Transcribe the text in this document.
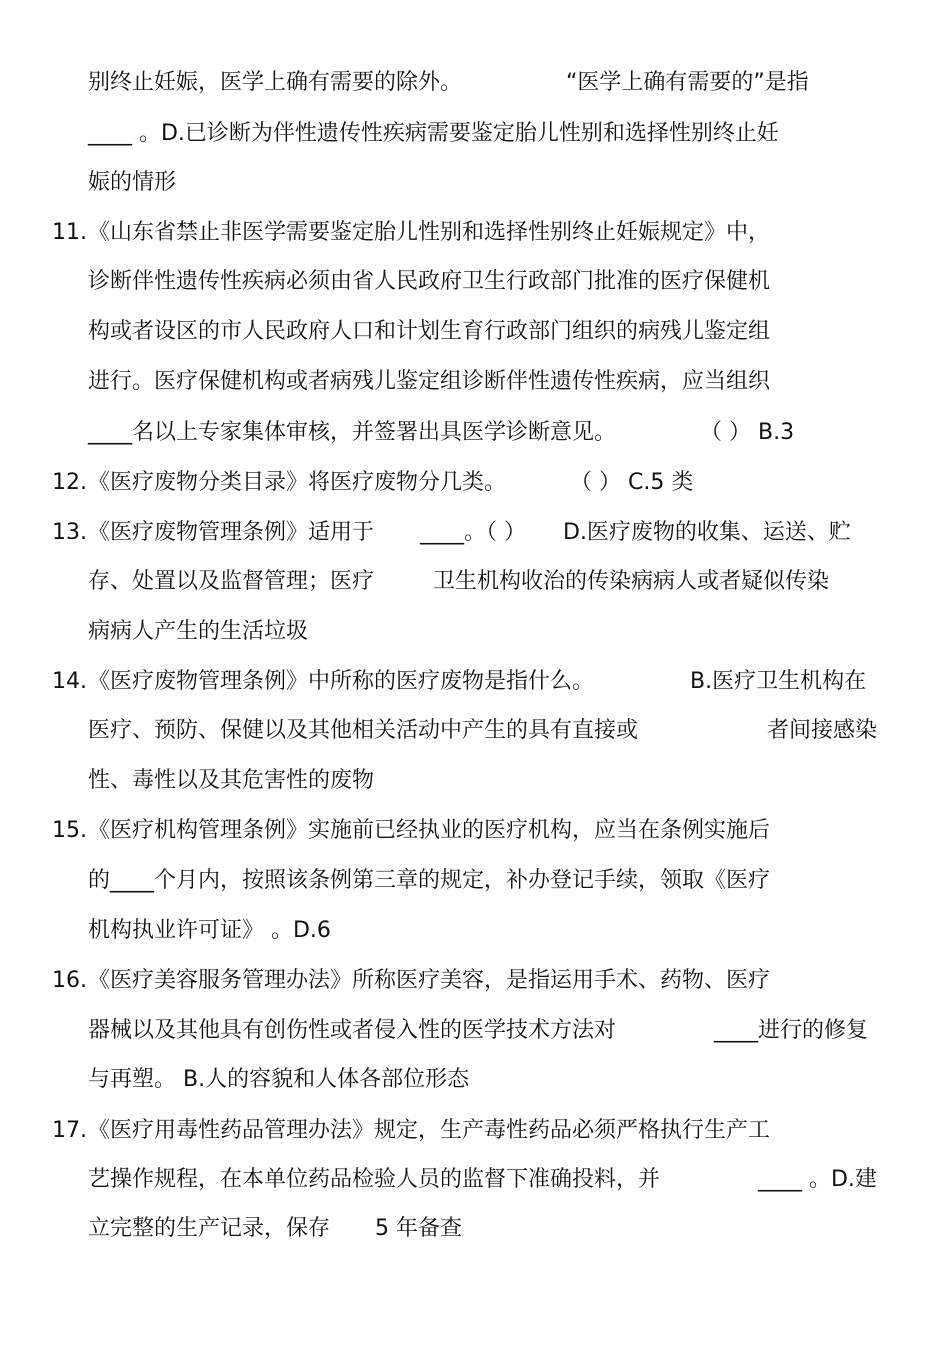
别终止妊娠，医学上确有需要的除外。	“医学上确有需要的”是指
____ 。D.已诊断为伴性遗传性疾病需要鉴定胎儿性别和选择性别终止妊
娠的情形
11. 《山东省禁止非医学需要鉴定胎儿性别和选择性别终止妊娠规定》中，
诊断伴性遗传性疾病必须由省人民政府卫生行政部门批准的医疗保健机
构或者设区的市人民政府人口和计划生育行政部门组织的病残儿鉴定组
进行。医疗保健机构或者病残儿鉴定组诊断伴性遗传性疾病，应当组织
____名以上专家集体审核，并签署出具医学诊断意见。	（ ） B.3
12. 《医疗废物分类目录》将医疗废物分几类。	（ ） C.5 类
13. 《医疗废物管理条例》适用于 ____。（ ） D.医疗废物的收集、运送、贮
存、处置以及监督管理；医疗	卫生机构收治的传染病病人或者疑似传染
病病人产生的生活垃圾
14. 《医疗废物管理条例》中所称的医疗废物是指什么。	B.医疗卫生机构在
医疗、预防、保健以及其他相关活动中产生的具有直接或	者间接感染
性、毒性以及其危害性的废物
15. 《医疗机构管理条例》实施前已经执业的医疗机构，应当在条例实施后
的____个月内，按照该条例第三章的规定，补办登记手续，领取《医疗
机构执业许可证》 。D.6
16. 《医疗美容服务管理办法》所称医疗美容，是指运用手术、药物、医疗
器械以及其他具有创伤性或者侵入性的医学技术方法对	____进行的修复
与再塑。 B.人的容貌和人体各部位形态
17. 《医疗用毒性药品管理办法》规定，生产毒性药品必须严格执行生产工
艺操作规程，在本单位药品检验人员的监督下准确投料，并	____ 。D.建
立完整的生产记录，保存 5 年备查
